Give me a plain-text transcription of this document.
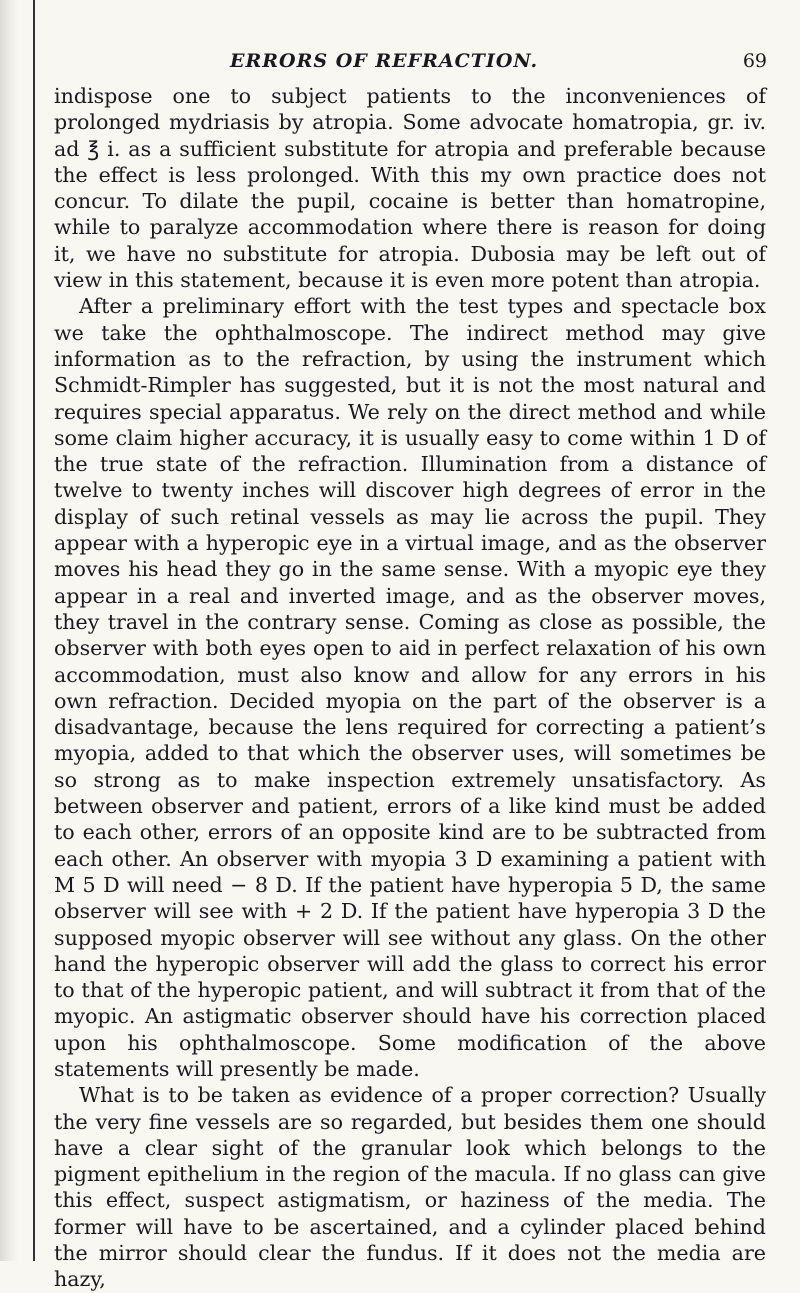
ERRORS OF REFRACTION.	69

indispose one to subject patients to the inconveniences of prolonged mydriasis by atropia. Some advocate homatropia, gr. iv. ad ℥ i. as a sufficient substitute for atropia and preferable because the effect is less prolonged. With this my own practice does not concur. To dilate the pupil, cocaine is better than homatropine, while to paralyze accommodation where there is reason for doing it, we have no substitute for atropia. Dubosia may be left out of view in this statement, because it is even more potent than atropia.

After a preliminary effort with the test types and spectacle box we take the ophthalmoscope. The indirect method may give information as to the refraction, by using the instrument which Schmidt-Rimpler has suggested, but it is not the most natural and requires special apparatus. We rely on the direct method and while some claim higher accuracy, it is usually easy to come within 1 D of the true state of the refraction. Illumination from a distance of twelve to twenty inches will discover high degrees of error in the display of such retinal vessels as may lie across the pupil. They appear with a hyperopic eye in a virtual image, and as the observer moves his head they go in the same sense. With a myopic eye they appear in a real and inverted image, and as the observer moves, they travel in the contrary sense. Coming as close as possible, the observer with both eyes open to aid in perfect relaxation of his own accommodation, must also know and allow for any errors in his own refraction. Decided myopia on the part of the observer is a disadvantage, because the lens required for correcting a patient’s myopia, added to that which the observer uses, will sometimes be so strong as to make inspection extremely unsatisfactory. As between observer and patient, errors of a like kind must be added to each other, errors of an opposite kind are to be subtracted from each other. An observer with myopia 3 D examining a patient with M 5 D will need − 8 D. If the patient have hyperopia 5 D, the same observer will see with + 2 D. If the patient have hyperopia 3 D the supposed myopic observer will see without any glass. On the other hand the hyperopic observer will add the glass to correct his error to that of the hyperopic patient, and will subtract it from that of the myopic. An astigmatic observer should have his correction placed upon his ophthalmoscope. Some modification of the above statements will presently be made.

What is to be taken as evidence of a proper correction? Usually the very fine vessels are so regarded, but besides them one should have a clear sight of the granular look which belongs to the pigment epithelium in the region of the macula. If no glass can give this effect, suspect astigmatism, or haziness of the media. The former will have to be ascertained, and a cylinder placed behind the mirror should clear the fundus. If it does not the media are hazy,
